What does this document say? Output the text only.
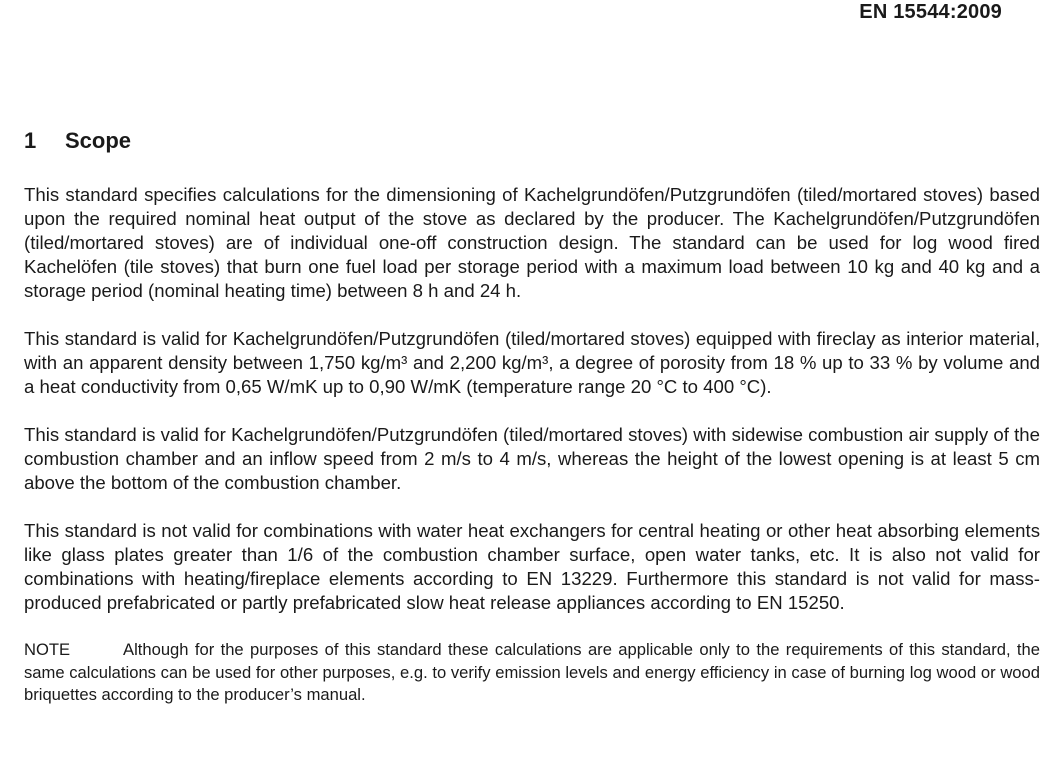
EN 15544:2009
1 Scope

This standard specifies calculations for the dimensioning of Kachelgrundöfen/Putzgrundöfen (tiled/mortared stoves) based upon the required nominal heat output of the stove as declared by the producer. The Kachelgrundöfen/Putzgrundöfen (tiled/mortared stoves) are of individual one-off construction design. The standard can be used for log wood fired Kachelöfen (tile stoves) that burn one fuel load per storage period with a maximum load between 10 kg and 40 kg and a storage period (nominal heating time) between 8 h and 24 h.

This standard is valid for Kachelgrundöfen/Putzgrundöfen (tiled/mortared stoves) equipped with fireclay as interior material, with an apparent density between 1,750 kg/m³ and 2,200 kg/m³, a degree of porosity from 18 % up to 33 % by volume and a heat conductivity from 0,65 W/mK up to 0,90 W/mK (temperature range 20 °C to 400 °C).

This standard is valid for Kachelgrundöfen/Putzgrundöfen (tiled/mortared stoves) with sidewise combustion air supply of the combustion chamber and an inflow speed from 2 m/s to 4 m/s, whereas the height of the lowest opening is at least 5 cm above the bottom of the combustion chamber.

This standard is not valid for combinations with water heat exchangers for central heating or other heat absorbing elements like glass plates greater than 1/6 of the combustion chamber surface, open water tanks, etc. It is also not valid for combinations with heating/fireplace elements according to EN 13229. Furthermore this standard is not valid for mass-produced prefabricated or partly prefabricated slow heat release appliances according to EN 15250.

NOTE	Although for the purposes of this standard these calculations are applicable only to the requirements of this standard, the same calculations can be used for other purposes, e.g. to verify emission levels and energy efficiency in case of burning log wood or wood briquettes according to the producer’s manual.
